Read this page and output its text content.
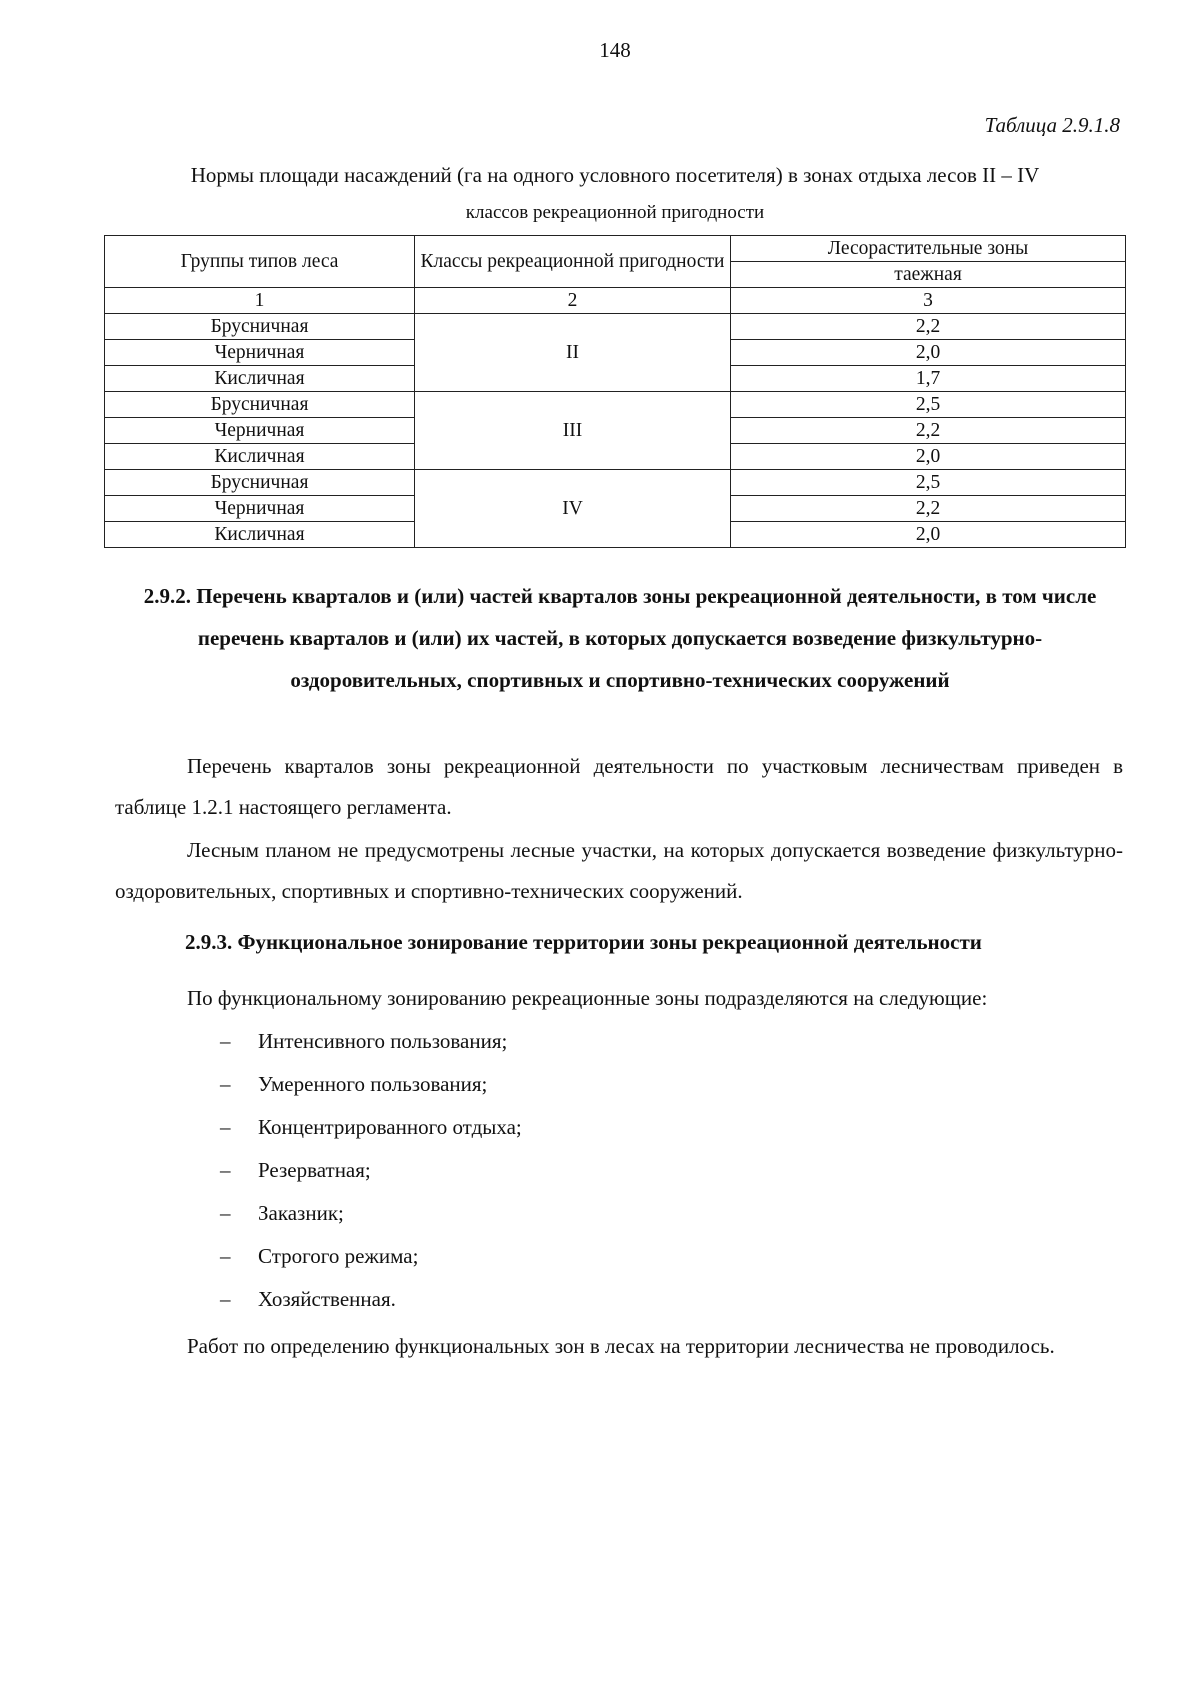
148
Таблица 2.9.1.8
Нормы площади насаждений (га на одного условного посетителя) в зонах отдыха лесов II – IV
классов рекреационной пригодности
Группы типов леса	Классы рекреационной пригодности	Лесорастительные зоны
		таежная
1	2	3
Брусничная	II	2,2
Черничная		2,0
Кисличная		1,7
Брусничная	III	2,5
Черничная		2,2
Кисличная		2,0
Брусничная	IV	2,5
Черничная		2,2
Кисличная		2,0
2.9.2. Перечень кварталов и (или) частей кварталов зоны рекреационной деятельности, в том числе перечень кварталов и (или) их частей, в которых допускается возведение физкультурно-оздоровительных, спортивных и спортивно-технических сооружений
Перечень кварталов зоны рекреационной деятельности по участковым лесничествам приведен в таблице 1.2.1 настоящего регламента.
Лесным планом не предусмотрены лесные участки, на которых допускается возведение физкультурно-оздоровительных, спортивных и спортивно-технических сооружений.
2.9.3. Функциональное зонирование территории зоны рекреационной деятельности
По функциональному зонированию рекреационные зоны подразделяются на следующие:
–	Интенсивного пользования;
–	Умеренного пользования;
–	Концентрированного отдыха;
–	Резерватная;
–	Заказник;
–	Строгого режима;
–	Хозяйственная.
Работ по определению функциональных зон в лесах на территории лесничества не проводилось.
